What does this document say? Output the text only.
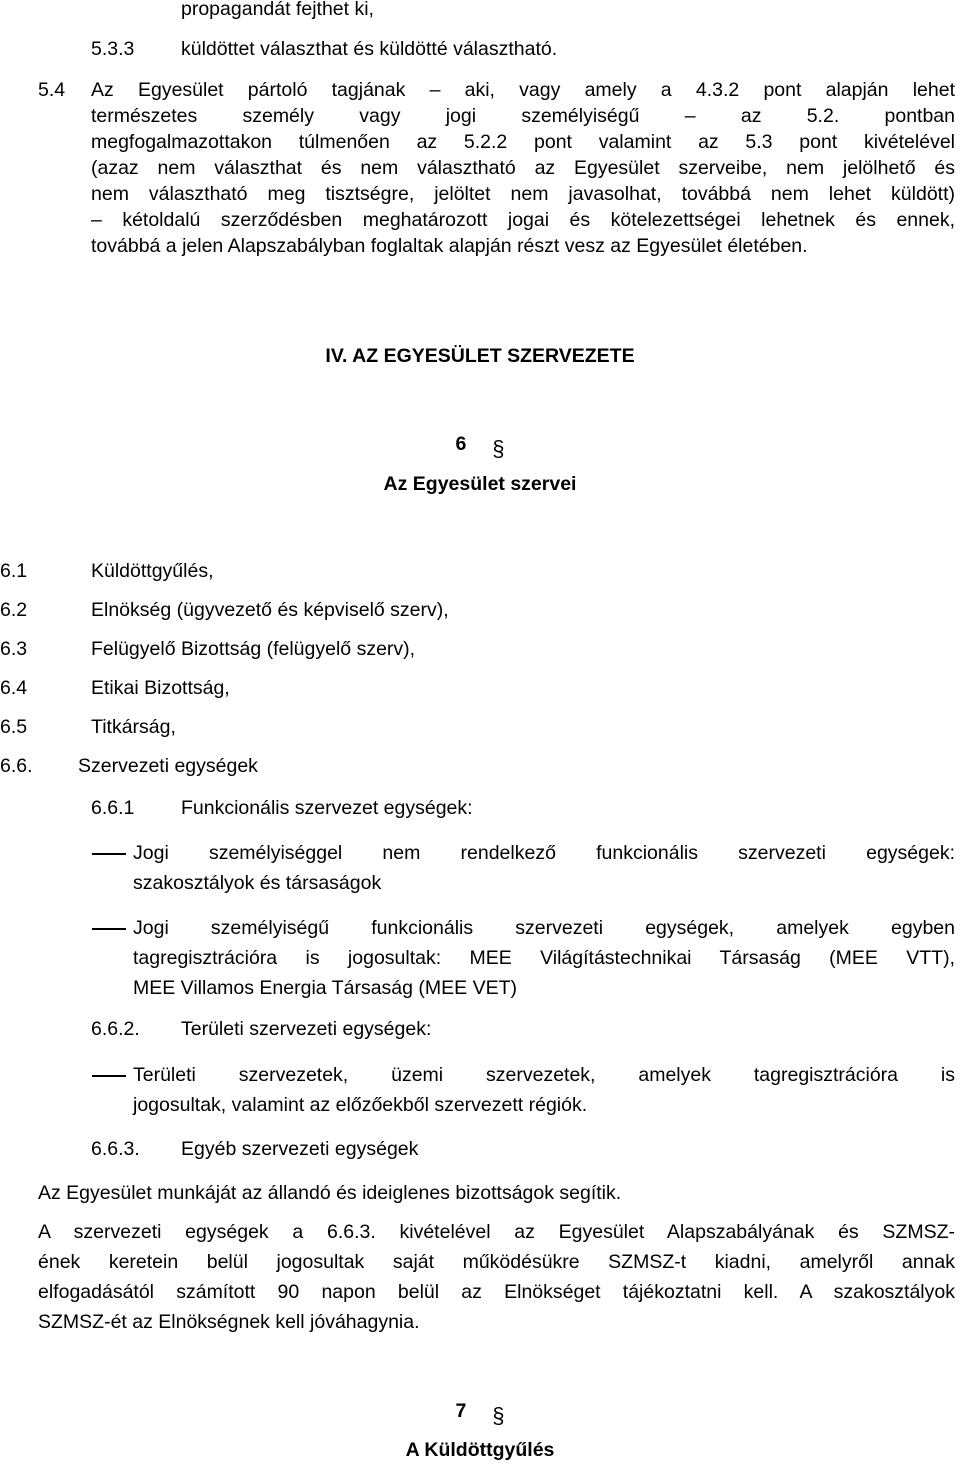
propagandát fejthet ki,
5.3.3 küldöttet választhat és küldötté választható.
5.4 Az Egyesület pártoló tagjának – aki, vagy amely a 4.3.2 pont alapján lehet
természetes személy vagy jogi személyiségű – az 5.2. pontban
megfogalmazottakon túlmenően az 5.2.2 pont valamint az 5.3 pont kivételével
(azaz nem választhat és nem választható az Egyesület szerveibe, nem jelölhető és
nem választható meg tisztségre, jelöltet nem javasolhat, továbbá nem lehet küldött)
– kétoldalú szerződésben meghatározott jogai és kötelezettségei lehetnek és ennek,
továbbá a jelen Alapszabályban foglaltak alapján részt vesz az Egyesület életében.
IV. AZ EGYESÜLET SZERVEZETE
6 §
Az Egyesület szervei
6.1	Küldöttgyűlés,
6.2	Elnökség (ügyvezető és képviselő szerv),
6.3	Felügyelő Bizottság (felügyelő szerv),
6.4	Etikai Bizottság,
6.5	Titkárság,
6.6. Szervezeti egységek
6.6.1 Funkcionális szervezet egységek:
Jogi személyiséggel nem rendelkező funkcionális szervezeti egységek:
szakosztályok és társaságok
Jogi személyiségű funkcionális szervezeti egységek, amelyek egyben
tagregisztrációra is jogosultak: MEE Világítástechnikai Társaság (MEE VTT),
MEE Villamos Energia Társaság (MEE VET)
6.6.2. Területi szervezeti egységek:
Területi szervezetek, üzemi szervezetek, amelyek tagregisztrációra is
jogosultak, valamint az előzőekből szervezett régiók.
6.6.3. Egyéb szervezeti egységek
Az Egyesület munkáját az állandó és ideiglenes bizottságok segítik.
A szervezeti egységek a 6.6.3. kivételével az Egyesület Alapszabályának és SZMSZ-
ének keretein belül jogosultak saját működésükre SZMSZ-t kiadni, amelyről annak
elfogadásától számított 90 napon belül az Elnökséget tájékoztatni kell. A szakosztályok
SZMSZ-ét az Elnökségnek kell jóváhagynia.
7 §
A Küldöttgyűlés
